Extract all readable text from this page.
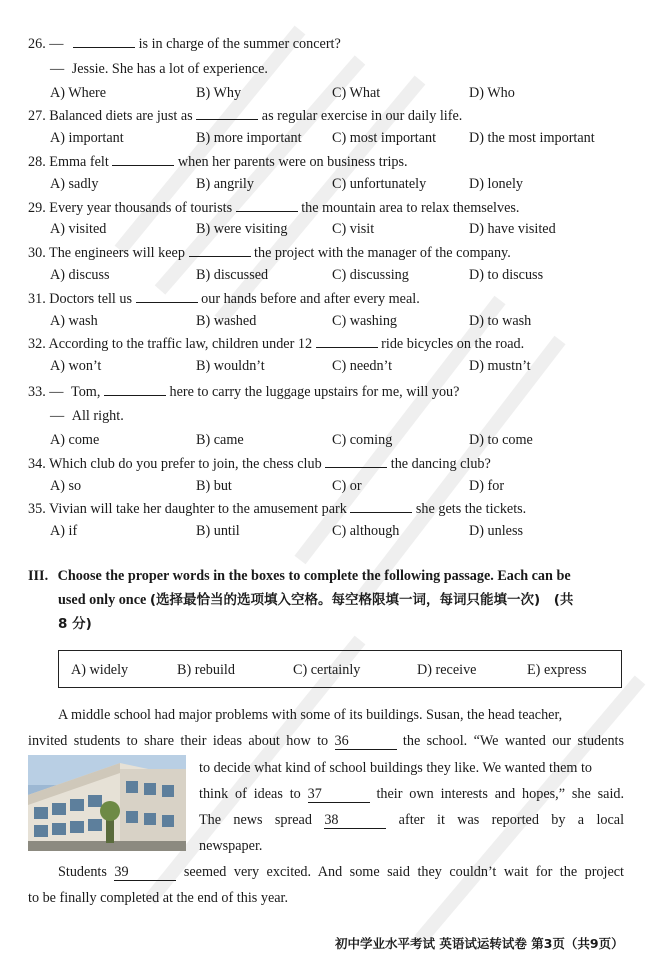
26. —	is in charge of the summer concert?
— Jessie. She has a lot of experience.
A) Where	B) Why	C) What	D) Who
27. Balanced diets are just as	as regular exercise in our daily life.
A) important	B) more important C) most important D) the most important
28. Emma felt	when her parents were on business trips.
A) sadly	B) angrily	C) unfortunately	D) lonely
29. Every year thousands of tourists	the mountain area to relax themselves.
A) visited	B) were visiting	C) visit	D) have visited
30. The engineers will keep	the project with the manager of the company.
A) discuss	B) discussed	C) discussing	D) to discuss
31. Doctors tell us	our hands before and after every meal.
A) wash	B) washed	C) washing	D) to wash
32. According to the traffic law, children under 12	ride bicycles on the road.
A) won’t	B) wouldn’t	C) needn’t	D) mustn’t
33. — Tom,	here to carry the luggage upstairs for me, will you?
— All right.
A) come	B) came	C) coming	D) to come
34. Which club do you prefer to join, the chess club	the dancing club?
A) so	B) but	C) or	D) for
35. Vivian will take her daughter to the amusement park	she gets the tickets.
A) if	B) until	C) although	D) unless
III. Choose the proper words in the boxes to complete the following passage. Each can be
used only once (选择最恰当的选项填入空格。每空格限填一词，每词只能填一次) (共
8 分)
A) widely	B) rebuild	C) certainly	D) receive	E) express
A middle school had major problems with some of its buildings. Susan, the head teacher,
invited students to share their ideas about how to 36	the school. “We wanted our students
to decide what kind of school buildings they like. We wanted them to
think of ideas to 37	their own interests and hopes,” she said.
The news spread 38	after it was reported by a local
newspaper.
Students 39	seemed very excited. And some said they couldn’t wait for the project
to be finally completed at the end of this year.
初中学业水平考试 英语试运转试卷 第3页（共9页）
